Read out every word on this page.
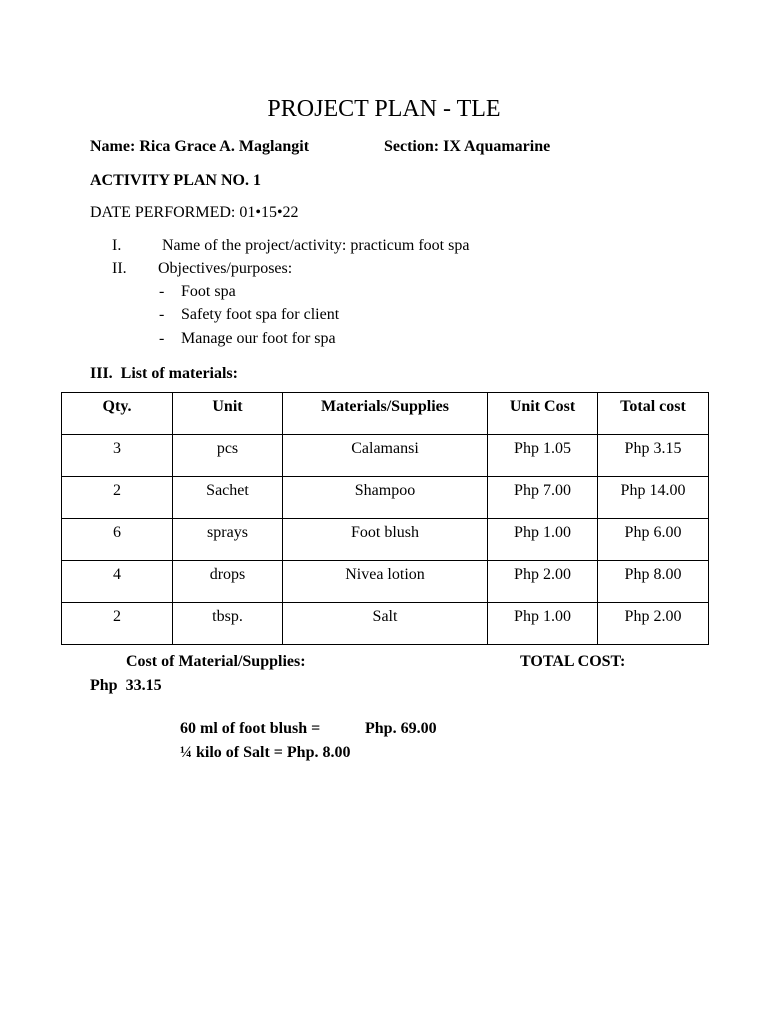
PROJECT PLAN - TLE
Name: Rica Grace A. Maglangit	Section: IX Aquamarine
ACTIVITY PLAN NO. 1
DATE PERFORMED: 01•15•22
I.	Name of the project/activity: practicum foot spa
II. Objectives/purposes:
- Foot spa
- Safety foot spa for client
- Manage our foot for spa
III.  List of materials:
Qty.	Unit	Materials/Supplies	Unit Cost	Total cost
3	pcs	Calamansi	Php 1.05	Php 3.15
2	Sachet	Shampoo	Php 7.00	Php 14.00
6	sprays	Foot blush	Php 1.00	Php 6.00
4	drops	Nivea lotion	Php 2.00	Php 8.00
2	tbsp.	Salt	Php 1.00	Php 2.00
Cost of Material/Supplies:	TOTAL COST:
Php  33.15
60 ml of foot blush =	Php. 69.00
¼ kilo of Salt = Php. 8.00
